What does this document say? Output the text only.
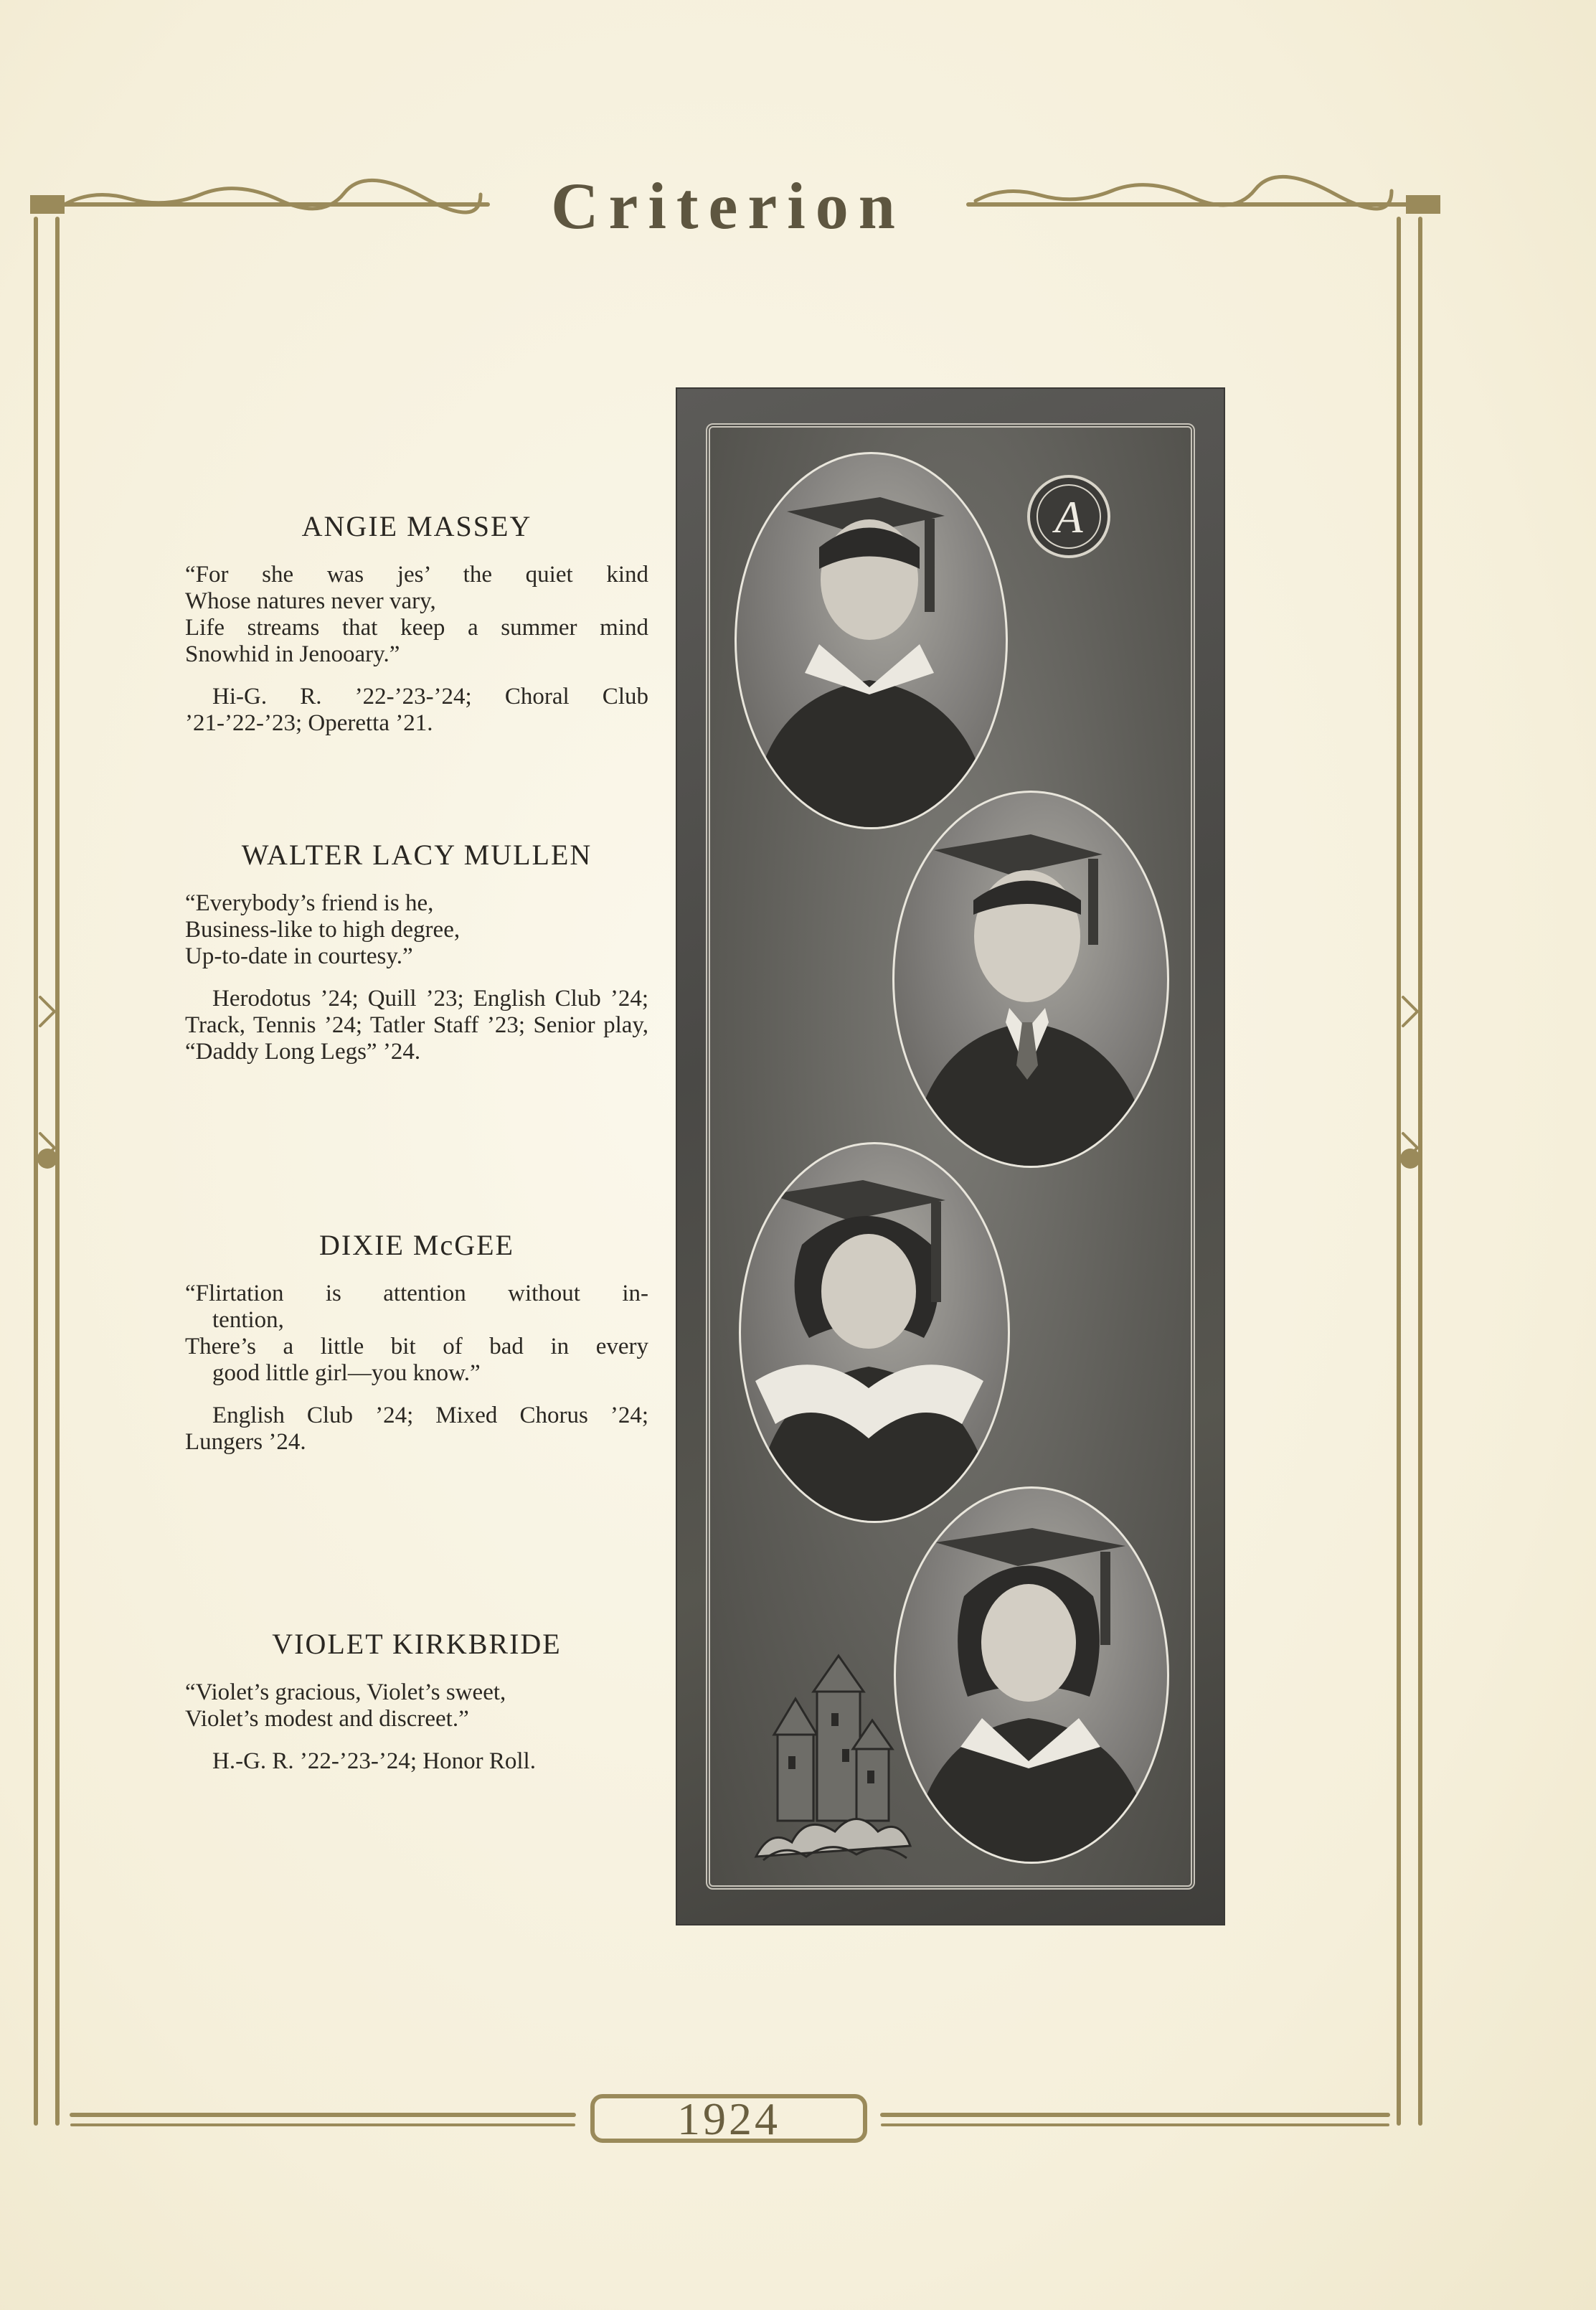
Criterion
1924
ANGIE MASSEY
“For she was jes’ the quiet kind
Whose natures never vary,
Life streams that keep a summer mind
Snowhid in Jenooary.”
Hi-G. R. ’22-’23-’24; Choral Club ’21-’22-’23; Operetta ’21.
WALTER LACY MULLEN
“Everybody’s friend is he,
Business-like to high degree,
Up-to-date in courtesy.”
Herodotus ’24; Quill ’23; English Club ’24; Track, Tennis ’24; Tatler Staff ’23; Senior play, “Daddy Long Legs” ’24.
DIXIE McGEE
“Flirtation is attention without in-
tention,
There’s a little bit of bad in every
good little girl—you know.”
English Club ’24; Mixed Chorus ’24; Lungers ’24.
VIOLET KIRKBRIDE
“Violet’s gracious, Violet’s sweet,
Violet’s modest and discreet.”
H.-G. R. ’22-’23-’24; Honor Roll.
A
